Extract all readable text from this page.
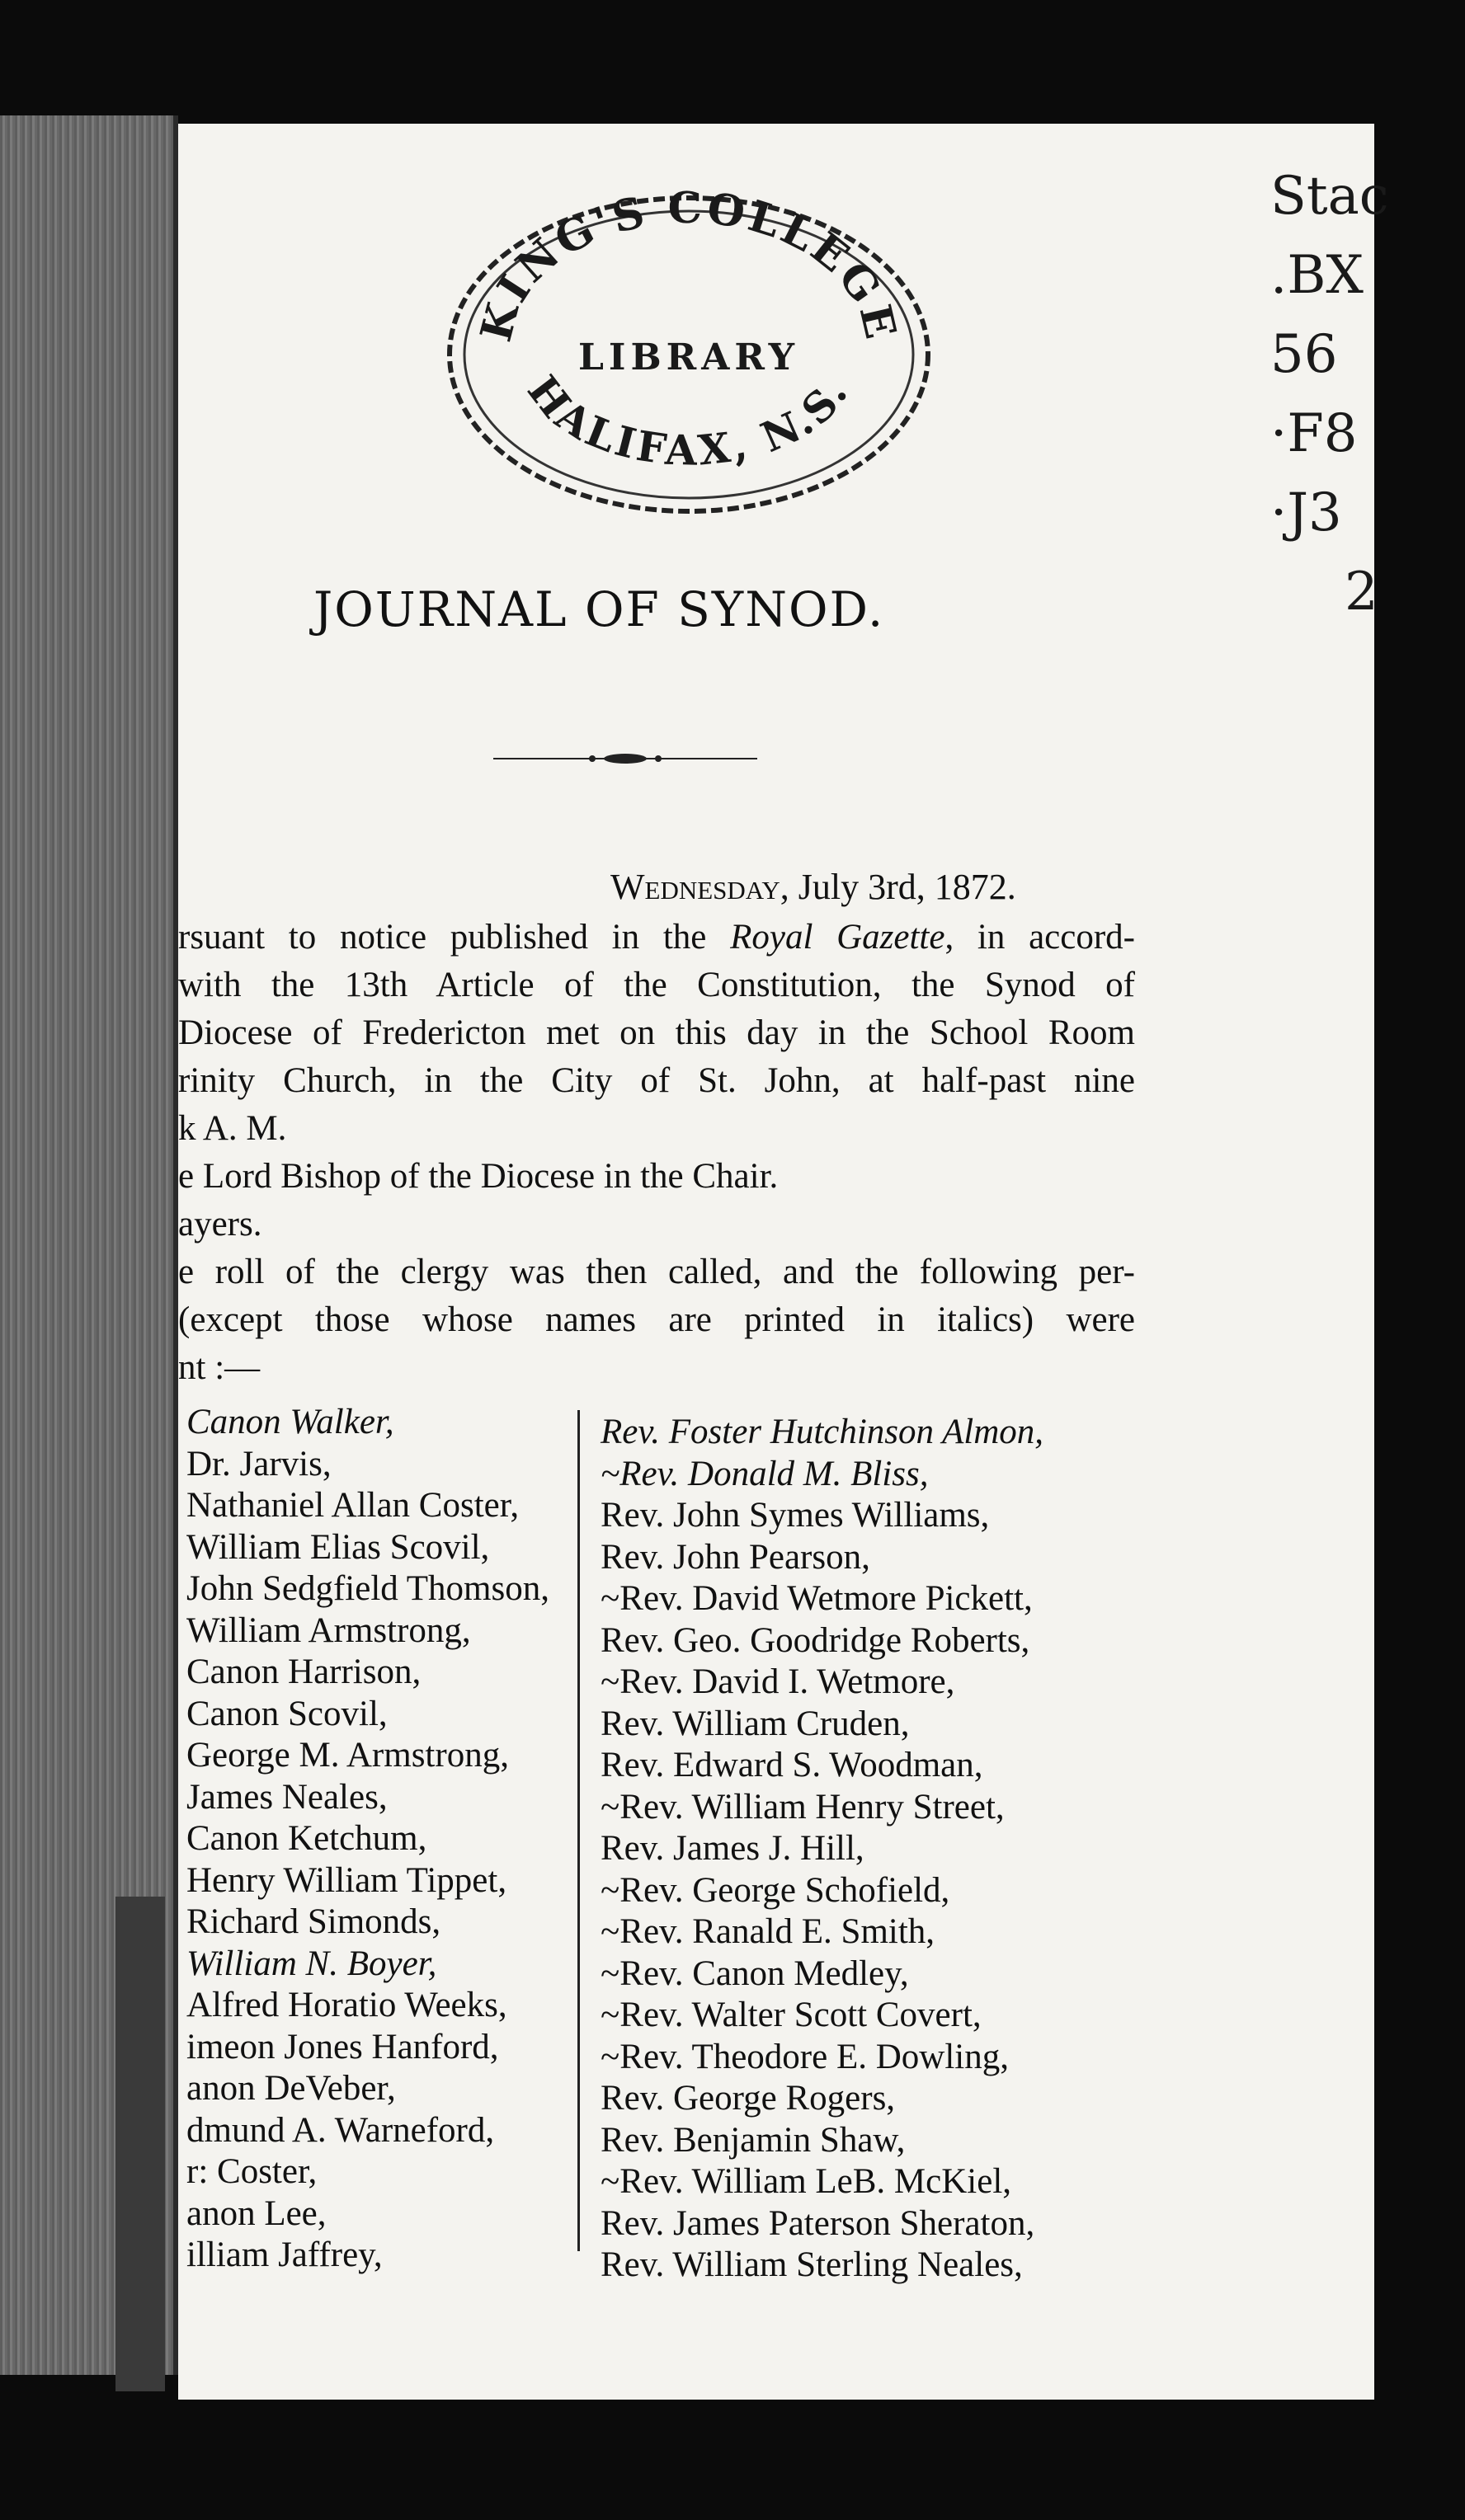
KING'S COLLEGE
LIBRARY
HALIFAX, N.S.
Stac
.BX
56
·F8
·J3
2
JOURNAL OF SYNOD.
Wednesday, July 3rd, 1872.
rsuant to notice published in the Royal Gazette, in accord-
with the 13th Article of the Constitution, the Synod of
Diocese of Fredericton met on this day in the School Room
rinity Church, in the City of St. John, at half-past nine
k A. M.
e Lord Bishop of the Diocese in the Chair.
ayers.
e roll of the clergy was then called, and the following per-
(except those whose names are printed in italics) were
nt :—
Canon Walker,
Dr. Jarvis,
Nathaniel Allan Coster,
William Elias Scovil,
John Sedgfield Thomson,
William Armstrong,
Canon Harrison,
Canon Scovil,
George M. Armstrong,
James Neales,
Canon Ketchum,
Henry William Tippet,
Richard Simonds,
William N. Boyer,
Alfred Horatio Weeks,
imeon Jones Hanford,
anon DeVeber,
dmund A. Warneford,
r: Coster,
anon Lee,
illiam Jaffrey,
Rev. Foster Hutchinson Almon,
~Rev. Donald M. Bliss,
Rev. John Symes Williams,
Rev. John Pearson,
~Rev. David Wetmore Pickett,
Rev. Geo. Goodridge Roberts,
~Rev. David I. Wetmore,
Rev. William Cruden,
Rev. Edward S. Woodman,
~Rev. William Henry Street,
Rev. James J. Hill,
~Rev. George Schofield,
~Rev. Ranald E. Smith,
~Rev. Canon Medley,
~Rev. Walter Scott Covert,
~Rev. Theodore E. Dowling,
Rev. George Rogers,
Rev. Benjamin Shaw,
~Rev. William LeB. McKiel,
Rev. James Paterson Sheraton,
Rev. William Sterling Neales,
